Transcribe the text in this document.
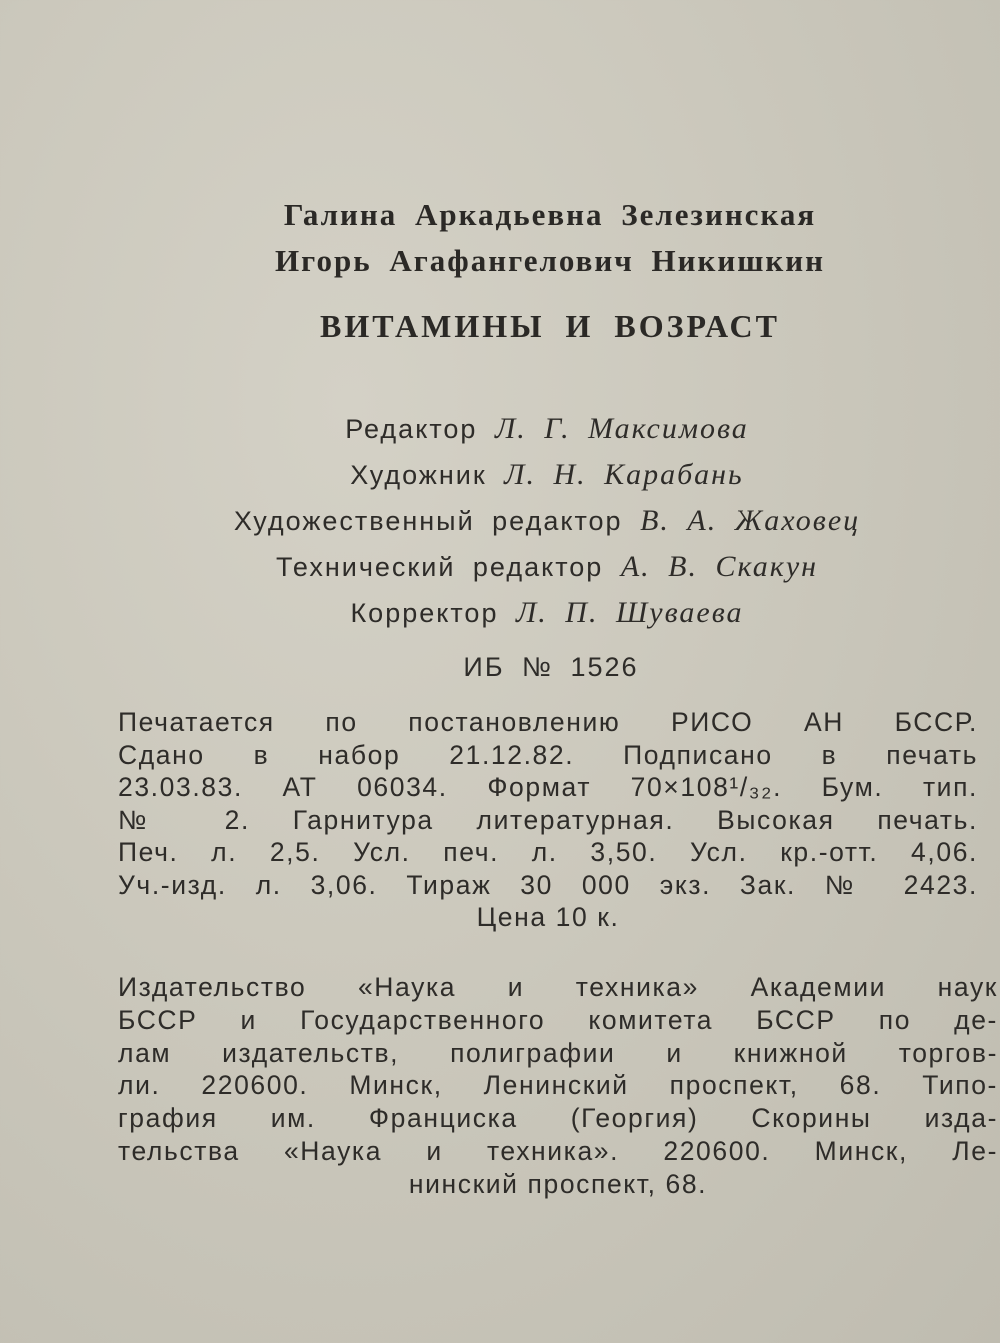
Галина Аркадьевна Зелезинская
Игорь Агафангелович Никишкин
ВИТАМИНЫ И ВОЗРАСТ
Редактор Л. Г. Максимова
Художник Л. Н. Карабань
Художественный редактор В. А. Жаховец
Технический редактор А. В. Скакун
Корректор Л. П. Шуваева
ИБ № 1526
Печатается по постановлению РИСО АН БССР.
Сдано в набор 21.12.82. Подписано в печать
23.03.83. АТ 06034. Формат 70×108¹/₃₂. Бум. тип.
№ 2. Гарнитура литературная. Высокая печать.
Печ. л. 2,5. Усл. печ. л. 3,50. Усл. кр.-отт. 4,06.
Уч.-изд. л. 3,06. Тираж 30 000 экз. Зак. № 2423.
Цена 10 к.
Издательство «Наука и техника» Академии наук
БССР и Государственного комитета БССР по де-
лам издательств, полиграфии и книжной торгов-
ли. 220600. Минск, Ленинский проспект, 68. Типо-
графия им. Франциска (Георгия) Скорины изда-
тельства «Наука и техника». 220600. Минск, Ле-
нинский проспект, 68.
